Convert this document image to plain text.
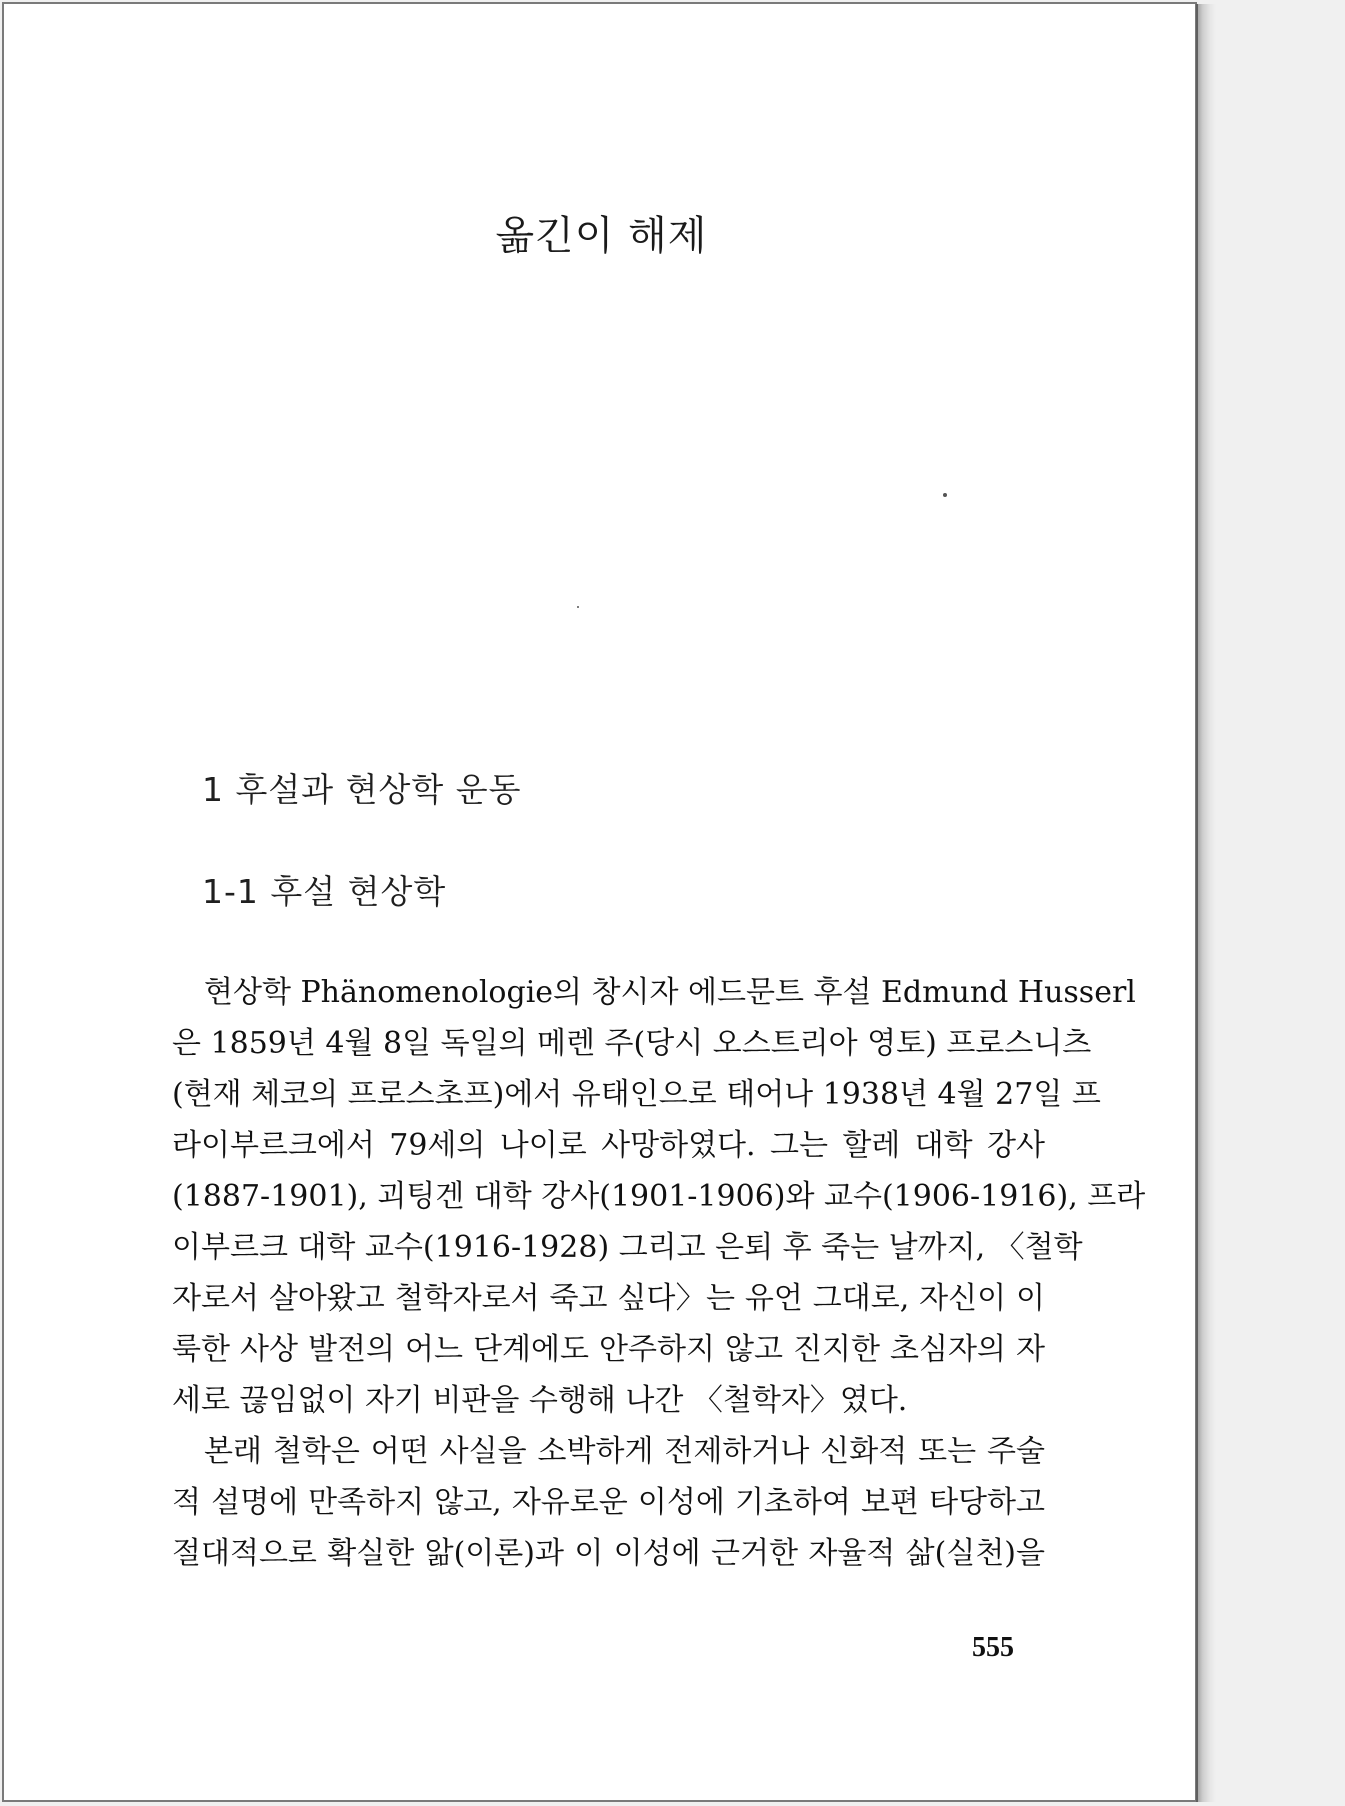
옮긴이 해제
1 후설과 현상학 운동
1-1 후설 현상학
현상학 Phänomenologie의 창시자 에드문트 후설 Edmund Husserl
은 1859년 4월 8일 독일의 메렌 주(당시 오스트리아 영토) 프로스니츠
(현재 체코의 프로스초프)에서 유태인으로 태어나 1938년 4월 27일 프
라이부르크에서 79세의 나이로 사망하였다. 그는 할레 대학 강사
(1887-1901), 괴팅겐 대학 강사(1901-1906)와 교수(1906-1916), 프라
이부르크 대학 교수(1916-1928) 그리고 은퇴 후 죽는 날까지, 〈철학
자로서 살아왔고 철학자로서 죽고 싶다〉는 유언 그대로, 자신이 이
룩한 사상 발전의 어느 단계에도 안주하지 않고 진지한 초심자의 자
세로 끊임없이 자기 비판을 수행해 나간 〈철학자〉였다.
본래 철학은 어떤 사실을 소박하게 전제하거나 신화적 또는 주술
적 설명에 만족하지 않고, 자유로운 이성에 기초하여 보편 타당하고
절대적으로 확실한 앎(이론)과 이 이성에 근거한 자율적 삶(실천)을
555
